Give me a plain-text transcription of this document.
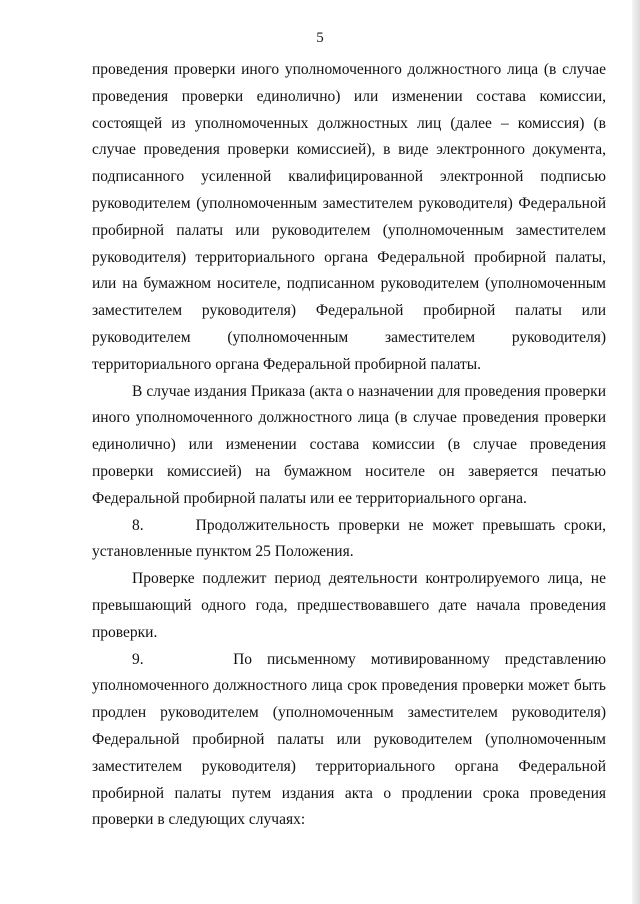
5

проведения проверки иного уполномоченного должностного лица (в случае проведения проверки единолично) или изменении состава комиссии, состоящей из уполномоченных должностных лиц (далее – комиссия) (в случае проведения проверки комиссией), в виде электронного документа, подписанного усиленной квалифицированной электронной подписью руководителем (уполномоченным заместителем руководителя) Федеральной пробирной палаты или руководителем (уполномоченным заместителем руководителя) территориального органа Федеральной пробирной палаты, или на бумажном носителе, подписанном руководителем (уполномоченным заместителем руководителя) Федеральной пробирной палаты или руководителем (уполномоченным заместителем руководителя) территориального органа Федеральной пробирной палаты.

В случае издания Приказа (акта о назначении для проведения проверки иного уполномоченного должностного лица (в случае проведения проверки единолично) или изменении состава комиссии (в случае проведения проверки комиссией) на бумажном носителе он заверяется печатью Федеральной пробирной палаты или ее территориального органа.

8.      Продолжительность проверки не может превышать сроки, установленные пунктом 25 Положения.

Проверке подлежит период деятельности контролируемого лица, не превышающий одного года, предшествовавшего дате начала проведения проверки.

9.      По письменному мотивированному представлению уполномоченного должностного лица срок проведения проверки может быть продлен руководителем (уполномоченным заместителем руководителя) Федеральной пробирной палаты или руководителем (уполномоченным заместителем руководителя) территориального органа Федеральной пробирной палаты путем издания акта о продлении срока проведения проверки в следующих случаях:
